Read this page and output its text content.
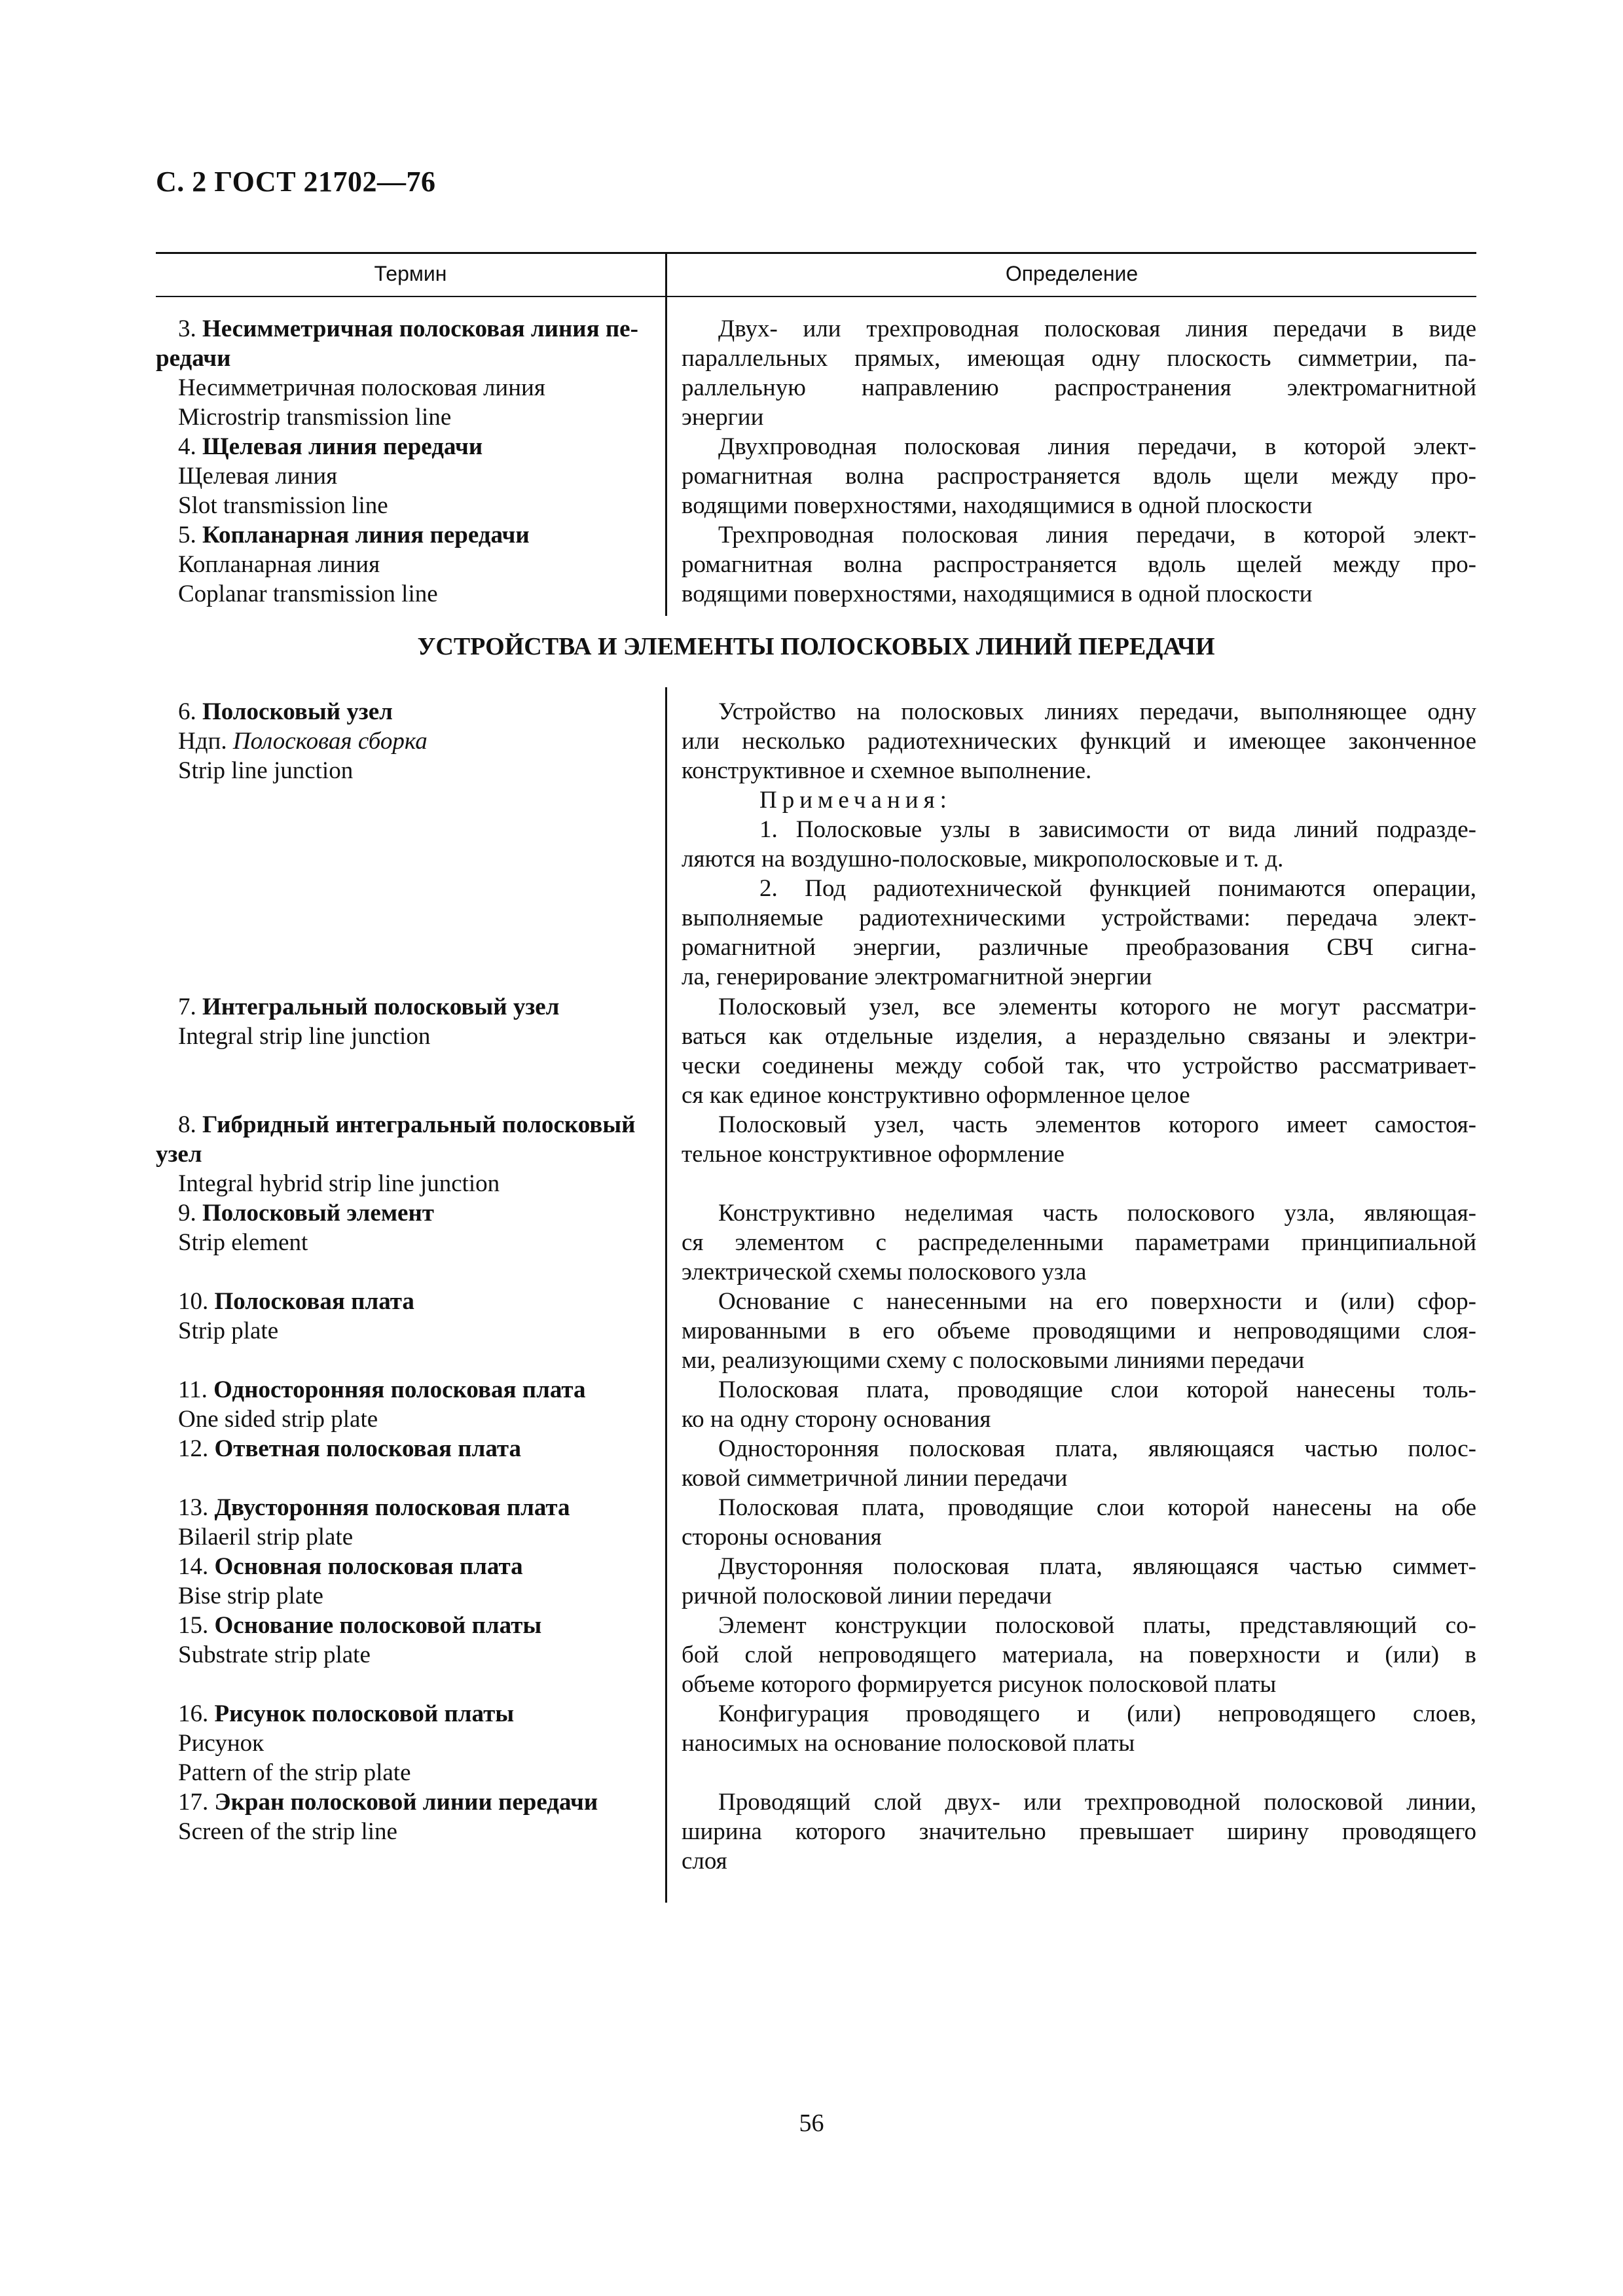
С. 2 ГОСТ 21702—76
Термин	Определение
УСТРОЙСТВА И ЭЛЕМЕНТЫ ПОЛОСКОВЫХ ЛИНИЙ ПЕРЕДАЧИ
3. Несимметричная полосковая линия пе-
редачи
Несимметричная полосковая линия
Microstrip transmission line
4. Щелевая линия передачи
Щелевая линия
Slot transmission line
5. Копланарная линия передачи
Копланарная линия
Coplanar transmission line
6. Полосковый узел
Ндп. Полосковая сборка
Strip line junction
7. Интегральный полосковый узел
Integral strip line junction
8. Гибридный интегральный полосковый
узел
Integral hybrid strip line junction
9. Полосковый элемент
Strip element
10. Полосковая плата
Strip plate
11. Односторонняя полосковая плата
One sided strip plate
12. Ответная полосковая плата
13. Двусторонняя полосковая плата
Bilaeril strip plate
14. Основная полосковая плата
Bise strip plate
15. Основание полосковой платы
Substrate strip plate
16. Рисунок полосковой платы
Рисунок
Pattern of the strip plate
17. Экран полосковой линии передачи
Screen of the strip line
Двух- или трехпроводная полосковая линия передачи в виде
параллельных прямых, имеющая одну плоскость симметрии, па-
раллельную направлению распространения электромагнитной
энергии
Двухпроводная полосковая линия передачи, в которой элект-
ромагнитная волна распространяется вдоль щели между про-
водящими поверхностями, находящимися в одной плоскости
Трехпроводная полосковая линия передачи, в которой элект-
ромагнитная волна распространяется вдоль щелей между про-
водящими поверхностями, находящимися в одной плоскости
Устройство на полосковых линиях передачи, выполняющее одну
или несколько радиотехнических функций и имеющее законченное
конструктивное и схемное выполнение.
Примечания:
1. Полосковые узлы в зависимости от вида линий подразде-
ляются на воздушно-полосковые, микрополосковые и т. д.
2. Под радиотехнической функцией понимаются операции,
выполняемые радиотехническими устройствами: передача элект-
ромагнитной энергии, различные преобразования СВЧ сигна-
ла, генерирование электромагнитной энергии
Полосковый узел, все элементы которого не могут рассматри-
ваться как отдельные изделия, а нераздельно связаны и электри-
чески соединены между собой так, что устройство рассматривает-
ся как единое конструктивно оформленное целое
Полосковый узел, часть элементов которого имеет самостоя-
тельное конструктивное оформление
Конструктивно неделимая часть полоскового узла, являющая-
ся элементом с распределенными параметрами принципиальной
электрической схемы полоскового узла
Основание с нанесенными на его поверхности и (или) сфор-
мированными в его объеме проводящими и непроводящими слоя-
ми, реализующими схему с полосковыми линиями передачи
Полосковая плата, проводящие слои которой нанесены толь-
ко на одну сторону основания
Односторонняя полосковая плата, являющаяся частью полос-
ковой симметричной линии передачи
Полосковая плата, проводящие слои которой нанесены на обе
стороны основания
Двусторонняя полосковая плата, являющаяся частью симмет-
ричной полосковой линии передачи
Элемент конструкции полосковой платы, представляющий со-
бой слой непроводящего материала, на поверхности и (или) в
объеме которого формируется рисунок полосковой платы
Конфигурация проводящего и (или) непроводящего слоев,
наносимых на основание полосковой платы
Проводящий слой двух- или трехпроводной полосковой линии,
ширина которого значительно превышает ширину проводящего
слоя
56
